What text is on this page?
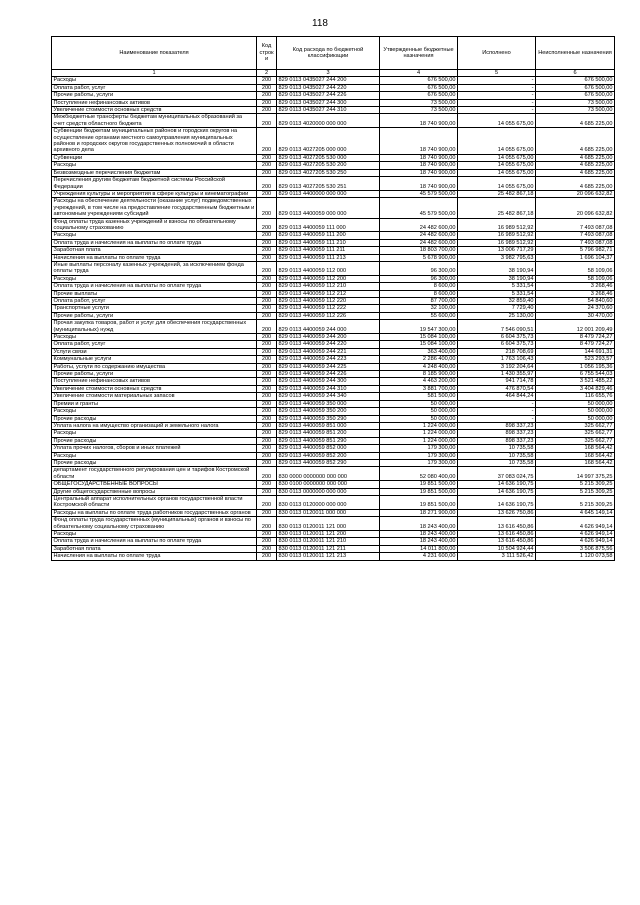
118
Наименование показателя	Код строк и	Код расхода по бюджетной классификации	Утвержденные бюджетные назначения	Исполнено	Неисполненные назначения
1	2	3	4	5	6
Расходы	200	829 0113 0435027 244 200	676 500,00	-	676 500,00
Оплата работ, услуг	200	829 0113 0435027 244 220	676 500,00	-	676 500,00
Прочие работы, услуги	200	829 0113 0435027 244 226	676 500,00	-	676 500,00
Поступление нефинансовых активов	200	829 0113 0435027 244 300	73 500,00	-	73 500,00
Увеличение стоимости основных средств	200	829 0113 0435027 244 310	73 500,00	-	73 500,00
Межбюджетные трансферты бюджетам муниципальных образований за счет средств областного бюджета	200	829 0113 4020000 000 000	18 740 900,00	14 055 675,00	4 685 225,00
Субвенции бюджетам муниципальных районов и городских округов на осуществление органами местного самоуправления муниципальных районов и городских округов государственных полномочий в области архивного дела	200	829 0113 4027205 000 000	18 740 900,00	14 055 675,00	4 685 225,00
Субвенции	200	829 0113 4027205 530 000	18 740 900,00	14 055 675,00	4 685 225,00
Расходы	200	829 0113 4027205 530 200	18 740 900,00	14 055 675,00	4 685 225,00
Безвозмездные перечисления бюджетам	200	829 0113 4027205 530 250	18 740 900,00	14 055 675,00	4 685 225,00
Перечисления другим бюджетам бюджетной системы Российской Федерации	200	829 0113 4027205 530 251	18 740 900,00	14 055 675,00	4 685 225,00
Учреждения культуры и мероприятия в сфере культуры и кинематографии	200	829 0113 4400000 000 000	45 579 500,00	25 482 867,18	20 096 632,82
Расходы на обеспечение деятельности (оказание услуг) подведомственных учреждений, в том числе на предоставление государственным бюджетным и автономным учреждениям субсидий	200	829 0113 4400059 000 000	45 579 500,00	25 482 867,18	20 096 632,82
Фонд оплаты труда казенных учреждений и взносы по обязательному социальному страхованию	200	829 0113 4400059 111 000	24 482 600,00	16 989 512,92	7 493 087,08
Расходы	200	829 0113 4400059 111 200	24 482 600,00	16 989 512,92	7 493 087,08
Оплата труда и начисления на выплаты по оплате труда	200	829 0113 4400059 111 210	24 482 600,00	16 989 512,92	7 493 087,08
Заработная плата	200	829 0113 4400059 111 211	18 803 700,00	13 006 717,29	5 796 982,71
Начисления на выплаты по оплате труда	200	829 0113 4400059 111 213	5 678 900,00	3 982 795,63	1 696 104,37
Иные выплаты персоналу казенных учреждений, за исключением фонда оплаты труда	200	829 0113 4400059 112 000	96 300,00	38 190,94	58 109,06
Расходы	200	829 0113 4400059 112 200	96 300,00	38 190,94	58 109,06
Оплата труда и начисления на выплаты по оплате труда	200	829 0113 4400059 112 210	8 600,00	5 331,54	3 268,46
Прочие выплаты	200	829 0113 4400059 112 212	8 600,00	5 331,54	3 268,46
Оплата работ, услуг	200	829 0113 4400059 112 220	87 700,00	32 859,40	54 840,60
Транспортные услуги	200	829 0113 4400059 112 222	32 100,00	7 729,40	24 370,60
Прочие работы, услуги	200	829 0113 4400059 112 226	55 600,00	25 130,00	30 470,00
Прочая закупка товаров, работ и услуг для обеспечения государственных (муниципальных) нужд	200	829 0113 4400059 244 000	19 547 300,00	7 546 090,51	12 001 209,49
Расходы	200	829 0113 4400059 244 200	15 084 100,00	6 604 375,73	8 479 724,27
Оплата работ, услуг	200	829 0113 4400059 244 220	15 084 100,00	6 604 375,73	8 479 724,27
Услуги связи	200	829 0113 4400059 244 221	363 400,00	218 708,69	144 691,31
Коммунальные услуги	200	829 0113 4400059 244 223	2 286 400,00	1 763 106,43	523 293,57
Работы, услуги по содержанию имущества	200	829 0113 4400059 244 225	4 248 400,00	3 192 204,64	1 056 195,36
Прочие работы, услуги	200	829 0113 4400059 244 226	8 185 900,00	1 430 355,97	6 755 544,03
Поступление нефинансовых активов	200	829 0113 4400059 244 300	4 463 200,00	941 714,78	3 521 485,22
Увеличение стоимости основных средств	200	829 0113 4400059 244 310	3 881 700,00	476 870,54	3 404 829,46
Увеличение стоимости материальных запасов	200	829 0113 4400059 244 340	581 500,00	464 844,24	116 655,76
Премии и гранты	200	829 0113 4400059 350 000	50 000,00	-	50 000,00
Расходы	200	829 0113 4400059 350 200	50 000,00	-	50 000,00
Прочие расходы	200	829 0113 4400059 350 290	50 000,00	-	50 000,00
Уплата налога на имущество организаций и земельного налога	200	829 0113 4400059 851 000	1 224 000,00	898 337,23	325 662,77
Расходы	200	829 0113 4400059 851 200	1 224 000,00	898 337,23	325 662,77
Прочие расходы	200	829 0113 4400059 851 290	1 224 000,00	898 337,23	325 662,77
Уплата прочих налогов, сборов и иных платежей	200	829 0113 4400059 852 000	179 300,00	10 735,58	168 564,42
Расходы	200	829 0113 4400059 852 200	179 300,00	10 735,58	168 564,42
Прочие расходы	200	829 0113 4400059 852 290	179 300,00	10 735,58	168 564,42
департамент государственного регулирования цен и тарифов Костромской области	200	830 0000 0000000 000 000	52 080 400,00	37 083 024,75	14 997 375,25
ОБЩЕГОСУДАРСТВЕННЫЕ ВОПРОСЫ	200	830 0100 0000000 000 000	19 851 500,00	14 636 190,75	5 215 309,25
Другие общегосударственные вопросы	200	830 0113 0000000 000 000	19 851 500,00	14 636 190,75	5 215 309,25
Центральный аппарат исполнительных органов государственной власти Костромской области	200	830 0113 0120000 000 000	19 851 500,00	14 636 190,75	5 215 309,25
Расходы на выплаты по оплате труда работников государственных органов	200	830 0113 0120011 000 000	18 271 900,00	13 626 750,86	4 645 149,14
Фонд оплаты труда государственных (муниципальных) органов и взносы по обязательному социальному страхованию	200	830 0113 0120011 121 000	18 243 400,00	13 616 450,86	4 626 949,14
Расходы	200	830 0113 0120011 121 200	18 243 400,00	13 616 450,86	4 626 949,14
Оплата труда и начисления на выплаты по оплате труда	200	830 0113 0120011 121 210	18 243 400,00	13 616 450,86	4 626 949,14
Заработная плата	200	830 0113 0120011 121 211	14 011 800,00	10 504 924,44	3 506 875,56
Начисления на выплаты по оплате труда	200	830 0113 0120011 121 213	4 231 600,00	3 111 526,42	1 120 073,58
